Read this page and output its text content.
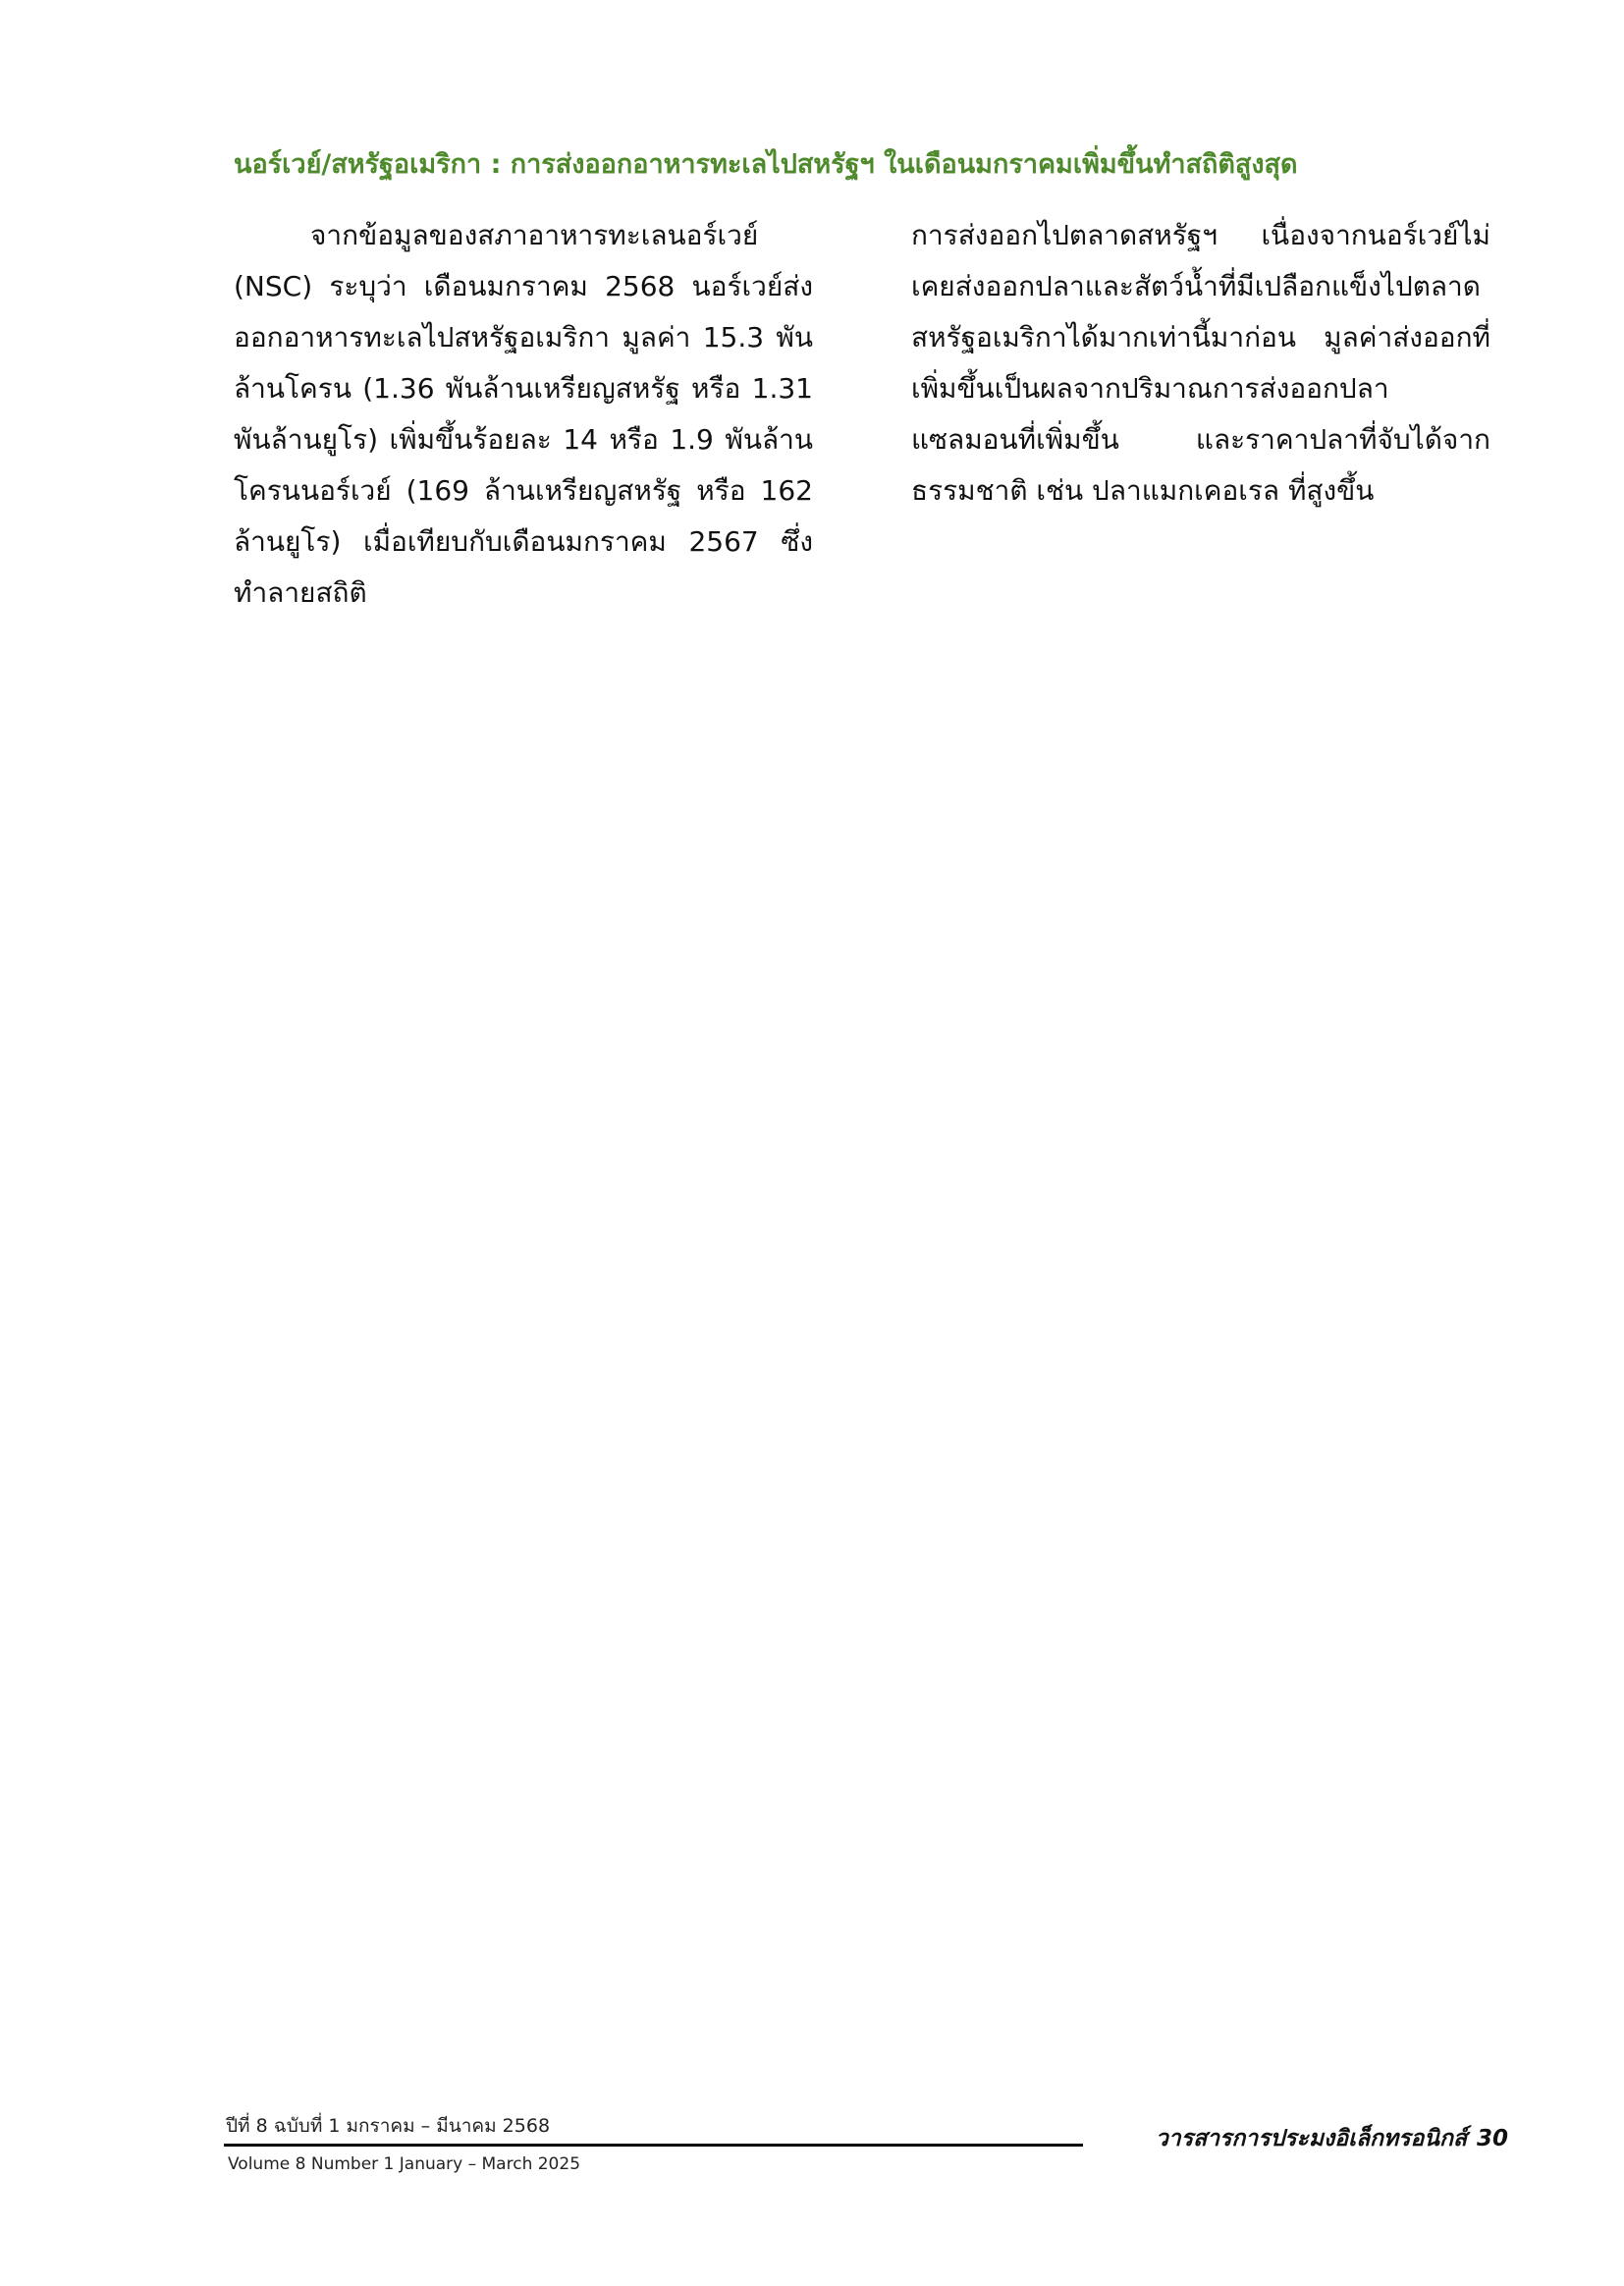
นอร์เวย์/สหรัฐอเมริกา : การส่งออกอาหารทะเลไปสหรัฐฯ ในเดือนมกราคมเพิ่มขึ้นทำสถิติสูงสุด

จากข้อมูลของสภาอาหารทะเลนอร์เวย์ (NSC) ระบุว่า เดือนมกราคม 2568 นอร์เวย์ส่งออกอาหารทะเลไปสหรัฐอเมริกา มูลค่า 15.3 พันล้านโครน (1.36 พันล้านเหรียญสหรัฐ หรือ 1.31 พันล้านยูโร) เพิ่มขึ้นร้อยละ 14 หรือ 1.9 พันล้านโครนนอร์เวย์ (169 ล้านเหรียญสหรัฐ หรือ 162 ล้านยูโร) เมื่อเทียบกับเดือนมกราคม 2567 ซึ่งทำลายสถิติ

การส่งออกไปตลาดสหรัฐฯ เนื่องจากนอร์เวย์ไม่เคยส่งออกปลาและสัตว์น้ำที่มีเปลือกแข็งไปตลาดสหรัฐอเมริกาได้มากเท่านี้มาก่อน มูลค่าส่งออกที่เพิ่มขึ้นเป็นผลจากปริมาณการส่งออกปลาแซลมอนที่เพิ่มขึ้น และราคาปลาที่จับได้จากธรรมชาติ เช่น ปลาแมกเคอเรล ที่สูงขึ้น

ปีที่ 8 ฉบับที่ 1 มกราคม – มีนาคม 2568
Volume 8 Number 1 January – March 2025
วารสารการประมงอิเล็กทรอนิกส์ 30
